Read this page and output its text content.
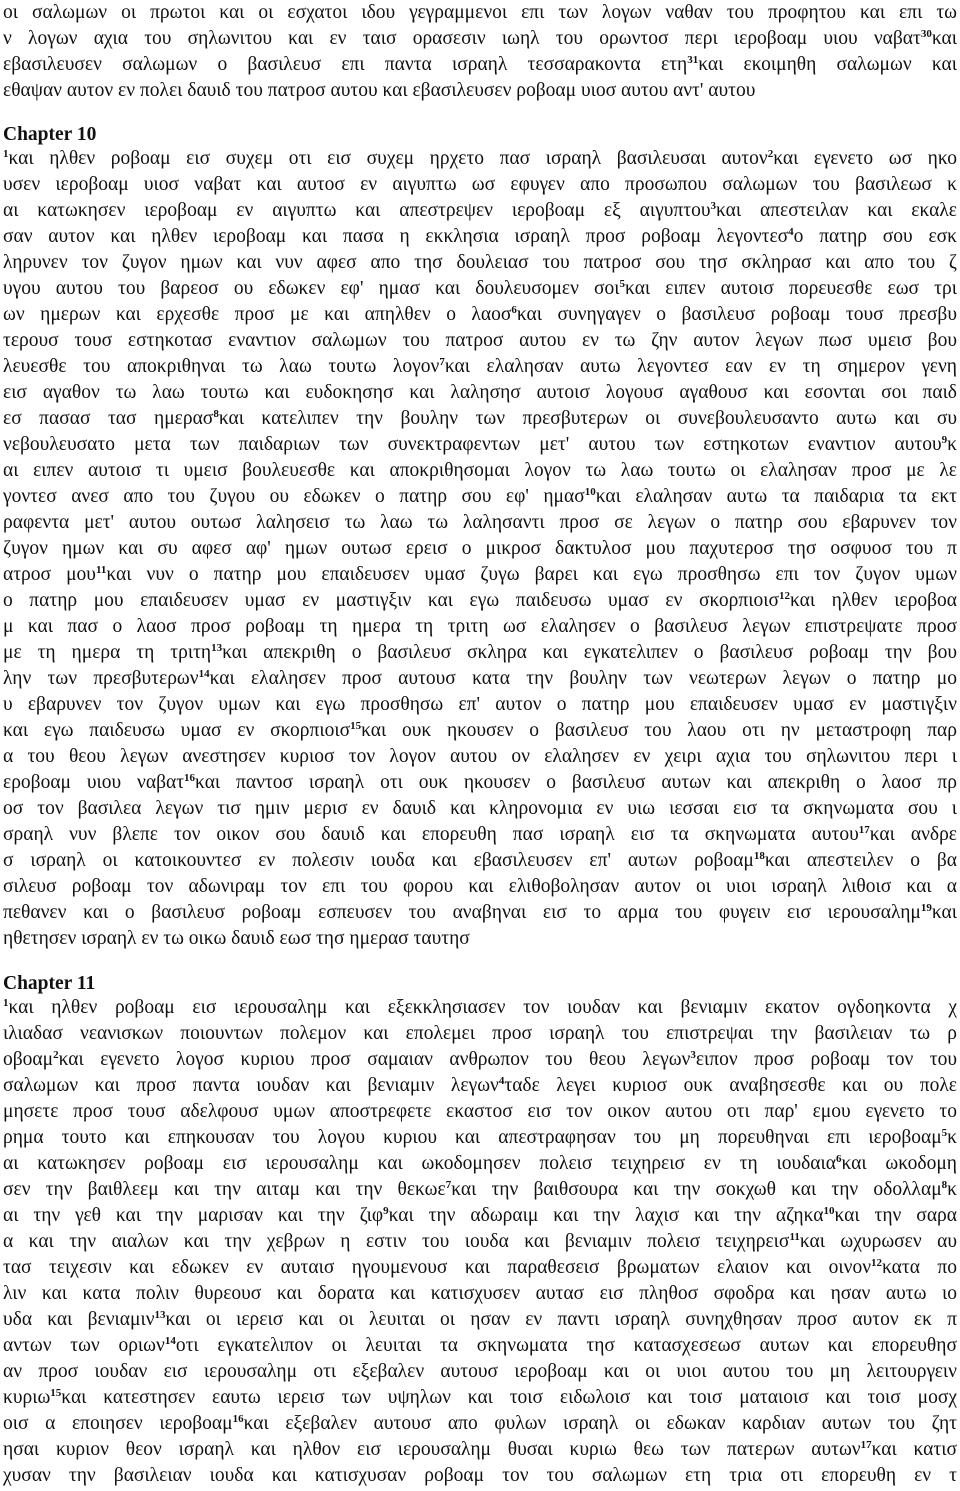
οι σαλωμων οι πρωτοι και οι εσχατοι ιδου γεγραμμενοι επι των λογων ναθαν του προφητου και επι τω
ν λογων αχια του σηλωνιτου και εν ταισ ορασεσιν ιωηλ του ορωντοσ περι ιεροβοαμ υιου ναβατ$^{30}$και
εβασιλευσεν σαλωμων ο βασιλευσ επι παντα ισραηλ τεσσαρακοντα ετη$^{31}$και εκοιμηθη σαλωμων και
εθαψαν αυτον εν πολει δαυιδ του πατροσ αυτου και εβασιλευσεν ροβοαμ υιοσ αυτου αντ' αυτου
Chapter 10
$^1$και ηλθεν ροβοαμ εισ συχεμ οτι εισ συχεμ ηρχετο πασ ισραηλ βασιλευσαι αυτον$^2$και εγενετο ωσ ηκο
υσεν ιεροβοαμ υιοσ ναβατ και αυτοσ εν αιγυπτω ωσ εφυγεν απο προσωπου σαλωμων του βασιλεωσ κ
αι κατωκησεν ιεροβοαμ εν αιγυπτω και απεστρεψεν ιεροβοαμ εξ αιγυπτου$^3$και απεστειλαν και εκαλε
σαν αυτον και ηλθεν ιεροβοαμ και πασα η εκκλησια ισραηλ προσ ροβοαμ λεγοντεσ$^4$ο πατηρ σου εσκ
ληρυνεν τον ζυγον ημων και νυν αφεσ απο τησ δουλειασ του πατροσ σου τησ σκληρασ και απο του ζ
υγου αυτου του βαρεοσ ου εδωκεν εφ' ημασ και δουλευσομεν σοι$^5$και ειπεν αυτοισ πορευεσθε εωσ τρι
ων ημερων και ερχεσθε προσ με και απηλθεν ο λαοσ$^6$και συνηγαγεν ο βασιλευσ ροβοαμ τουσ πρεσβυ
τερουσ τουσ εστηκοτασ εναντιον σαλωμων του πατροσ αυτου εν τω ζην αυτον λεγων πωσ υμεισ βου
λευεσθε του αποκριθηναι τω λαω τουτω λογον$^7$και ελαλησαν αυτω λεγοντεσ εαν εν τη σημερον γενη
εισ αγαθον τω λαω τουτω και ευδοκησησ και λαλησησ αυτοισ λογουσ αγαθουσ και εσονται σοι παιδ
εσ πασασ τασ ημερασ$^8$και κατελιπεν την βουλην των πρεσβυτερων οι συνεβουλευσαντο αυτω και συ
νεβουλευσατο μετα των παιδαριων των συνεκτραφεντων μετ' αυτου των εστηκοτων εναντιον αυτου$^9$κ
αι ειπεν αυτοισ τι υμεισ βουλευεσθε και αποκριθησομαι λογον τω λαω τουτω οι ελαλησαν προσ με λε
γοντεσ ανεσ απο του ζυγου ου εδωκεν ο πατηρ σου εφ' ημασ$^{10}$και ελαλησαν αυτω τα παιδαρια τα εκτ
ραφεντα μετ' αυτου ουτωσ λαλησεισ τω λαω τω λαλησαντι προσ σε λεγων ο πατηρ σου εβαρυνεν τον
ζυγον ημων και συ αφεσ αφ' ημων ουτωσ ερεισ ο μικροσ δακτυλοσ μου παχυτεροσ τησ οσφυοσ του π
ατροσ μου$^{11}$και νυν ο πατηρ μου επαιδευσεν υμασ ζυγω βαρει και εγω προσθησω επι τον ζυγον υμων
ο πατηρ μου επαιδευσεν υμασ εν μαστιγξιν και εγω παιδευσω υμασ εν σκορπιοισ$^{12}$και ηλθεν ιεροβοα
μ και πασ ο λαοσ προσ ροβοαμ τη ημερα τη τριτη ωσ ελαλησεν ο βασιλευσ λεγων επιστρεψατε προσ
με τη ημερα τη τριτη$^{13}$και απεκριθη ο βασιλευσ σκληρα και εγκατελιπεν ο βασιλευσ ροβοαμ την βου
λην των πρεσβυτερων$^{14}$και ελαλησεν προσ αυτουσ κατα την βουλην των νεωτερων λεγων ο πατηρ μο
υ εβαρυνεν τον ζυγον υμων και εγω προσθησω επ' αυτον ο πατηρ μου επαιδευσεν υμασ εν μαστιγξιν
και εγω παιδευσω υμασ εν σκορπιοισ$^{15}$και ουκ ηκουσεν ο βασιλευσ του λαου οτι ην μεταστροφη παρ
α του θεου λεγων ανεστησεν κυριοσ τον λογον αυτου ον ελαλησεν εν χειρι αχια του σηλωνιτου περι ι
εροβοαμ υιου ναβατ$^{16}$και παντοσ ισραηλ οτι ουκ ηκουσεν ο βασιλευσ αυτων και απεκριθη ο λαοσ πρ
οσ τον βασιλεα λεγων τισ ημιν μερισ εν δαυιδ και κληρονομια εν υιω ιεσσαι εισ τα σκηνωματα σου ι
σραηλ νυν βλεπε τον οικον σου δαυιδ και επορευθη πασ ισραηλ εισ τα σκηνωματα αυτου$^{17}$και ανδρε
σ ισραηλ οι κατοικουντεσ εν πολεσιν ιουδα και εβασιλευσεν επ' αυτων ροβοαμ$^{18}$και απεστειλεν ο βα
σιλευσ ροβοαμ τον αδωνιραμ τον επι του φορου και ελιθοβολησαν αυτον οι υιοι ισραηλ λιθοισ και α
πεθανεν και ο βασιλευσ ροβοαμ εσπευσεν του αναβηναι εισ το αρμα του φυγειν εισ ιερουσαλημ$^{19}$και
ηθετησεν ισραηλ εν τω οικω δαυιδ εωσ τησ ημερασ ταυτησ
Chapter 11
$^1$και ηλθεν ροβοαμ εισ ιερουσαλημ και εξεκκλησιασεν τον ιουδαν και βενιαμιν εκατον ογδοηκοντα χ
ιλιαδασ νεανισκων ποιουντων πολεμον και επολεμει προσ ισραηλ του επιστρεψαι την βασιλειαν τω ρ
οβοαμ$^2$και εγενετο λογοσ κυριου προσ σαμαιαν ανθρωπον του θεου λεγων$^3$ειπον προσ ροβοαμ τον του
σαλωμων και προσ παντα ιουδαν και βενιαμιν λεγων$^4$ταδε λεγει κυριοσ ουκ αναβησεσθε και ου πολε
μησετε προσ τουσ αδελφουσ υμων αποστρεφετε εκαστοσ εισ τον οικον αυτου οτι παρ' εμου εγενετο το
ρημα τουτο και επηκουσαν του λογου κυριου και απεστραφησαν του μη πορευθηναι επι ιεροβοαμ$^5$κ
αι κατωκησεν ροβοαμ εισ ιερουσαλημ και ωκοδομησεν πολεισ τειχηρεισ εν τη ιουδαια$^6$και ωκοδομη
σεν την βαιθλεεμ και την αιταμ και την θεκωε$^7$και την βαιθσουρα και την σοκχωθ και την οδολλαμ$^8$κ
αι την γεθ και την μαρισαν και την ζιφ$^9$και την αδωραιμ και την λαχισ και την αζηκα$^{10}$και την σαρα
α και την αιαλων και την χεβρων η εστιν του ιουδα και βενιαμιν πολεισ τειχηρεισ$^{11}$και ωχυρωσεν αυ
τασ τειχεσιν και εδωκεν εν αυταισ ηγουμενουσ και παραθεσεισ βρωματων ελαιον και οινον$^{12}$κατα πο
λιν και κατα πολιν θυρεουσ και δορατα και κατισχυσεν αυτασ εισ πληθοσ σφοδρα και ησαν αυτω ιο
υδα και βενιαμιν$^{13}$και οι ιερεισ και οι λευιται οι ησαν εν παντι ισραηλ συνηχθησαν προσ αυτον εκ π
αντων των οριων$^{14}$οτι εγκατελιπον οι λευιται τα σκηνωματα τησ κατασχεσεωσ αυτων και επορευθησ
αν προσ ιουδαν εισ ιερουσαλημ οτι εξεβαλεν αυτουσ ιεροβοαμ και οι υιοι αυτου του μη λειτουργειν
κυριω$^{15}$και κατεστησεν εαυτω ιερεισ των υψηλων και τοισ ειδωλοισ και τοισ ματαιοισ και τοισ μοσχ
οισ α εποιησεν ιεροβοαμ$^{16}$και εξεβαλεν αυτουσ απο φυλων ισραηλ οι εδωκαν καρδιαν αυτων του ζητ
ησαι κυριον θεον ισραηλ και ηλθον εισ ιερουσαλημ θυσαι κυριω θεω των πατερων αυτων$^{17}$και κατισ
χυσαν την βασιλειαν ιουδα και κατισχυσαν ροβοαμ τον του σαλωμων ετη τρια οτι επορευθη εν τ
